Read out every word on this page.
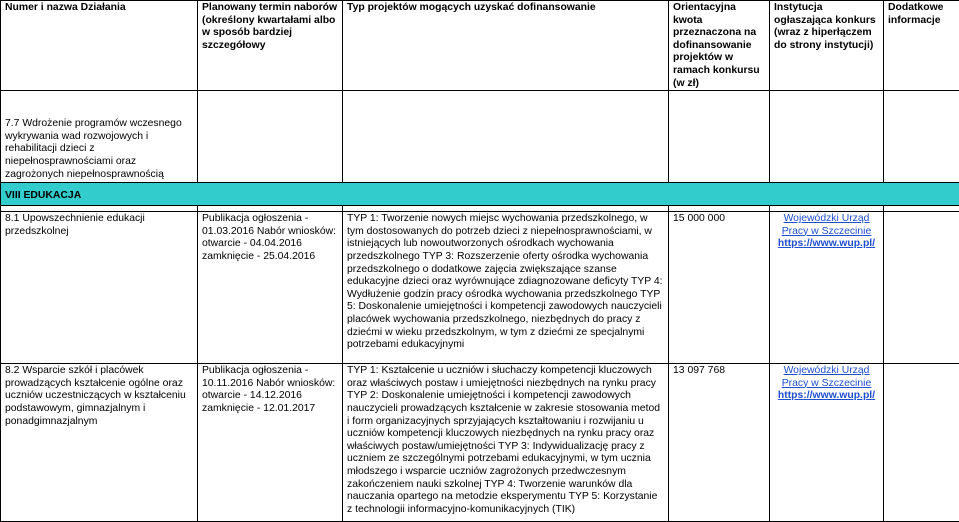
Numer i nazwa Działania	Planowany termin naborów (określony kwartałami albo w sposób bardziej szczegółowy	Typ projektów mogących uzyskać dofinansowanie	Orientacyjna kwota przeznaczona na dofinansowanie projektów w ramach konkursu (w zł)	Instytucja ogłaszająca konkurs (wraz z hiperłączem do strony instytucji)	Dodatkowe informacje
7.7 Wdrożenie programów wczesnego wykrywania wad rozwojowych i rehabilitacji dzieci z niepełnosprawnościami oraz zagrożonych niepełnosprawnością					
VIII EDUKACJA					

8.1 Upowszechnienie edukacji przedszkolnej	Publikacja ogłoszenia - 01.03.2016 Nabór wniosków: otwarcie - 04.04.2016 zamknięcie - 25.04.2016	TYP 1: Tworzenie nowych miejsc wychowania przedszkolnego, w tym dostosowanych do potrzeb dzieci z niepełnosprawnościami, w istniejących lub nowoutworzonych ośrodkach wychowania przedszkolnego TYP 3: Rozszerzenie oferty ośrodka wychowania przedszkolnego o dodatkowe zajęcia zwiększające szanse edukacyjne dzieci oraz wyrównujące zdiagnozowane deficyty TYP 4: Wydłużenie godzin pracy ośrodka wychowania przedszkolnego TYP 5: Doskonalenie umiejętności i kompetencji zawodowych nauczycieli placówek wychowania przedszkolnego, niezbędnych do pracy z dziećmi w wieku przedszkolnym, w tym z dziećmi ze specjalnymi potrzebami edukacyjnymi	15 000 000	Wojewódzki Urząd Pracy w Szczecinie
https://www.wup.pl/	
8.2 Wsparcie szkół i placówek prowadzących kształcenie ogólne oraz uczniów uczestniczących w kształceniu podstawowym, gimnazjalnym i ponadgimnazjalnym	Publikacja ogłoszenia - 10.11.2016 Nabór wniosków: otwarcie - 14.12.2016 zamknięcie - 12.01.2017	TYP 1: Kształcenie u uczniów i słuchaczy kompetencji kluczowych oraz właściwych postaw i umiejętności niezbędnych na rynku pracy TYP 2: Doskonalenie umiejętności i kompetencji zawodowych nauczycieli prowadzących kształcenie w zakresie stosowania metod i form organizacyjnych sprzyjających kształtowaniu i rozwijaniu u uczniów kompetencji kluczowych niezbędnych na rynku pracy oraz właściwych postaw/umiejętności TYP 3: Indywidualizację pracy z uczniem ze szczególnymi potrzebami edukacyjnymi, w tym ucznia młodszego i wsparcie uczniów zagrożonych przedwczesnym zakończeniem nauki szkolnej TYP 4: Tworzenie warunków dla nauczania opartego na metodzie eksperymentu TYP 5: Korzystanie z technologii informacyjno-komunikacyjnych (TIK)	13 097 768	Wojewódzki Urząd Pracy w Szczecinie
https://www.wup.pl/	
